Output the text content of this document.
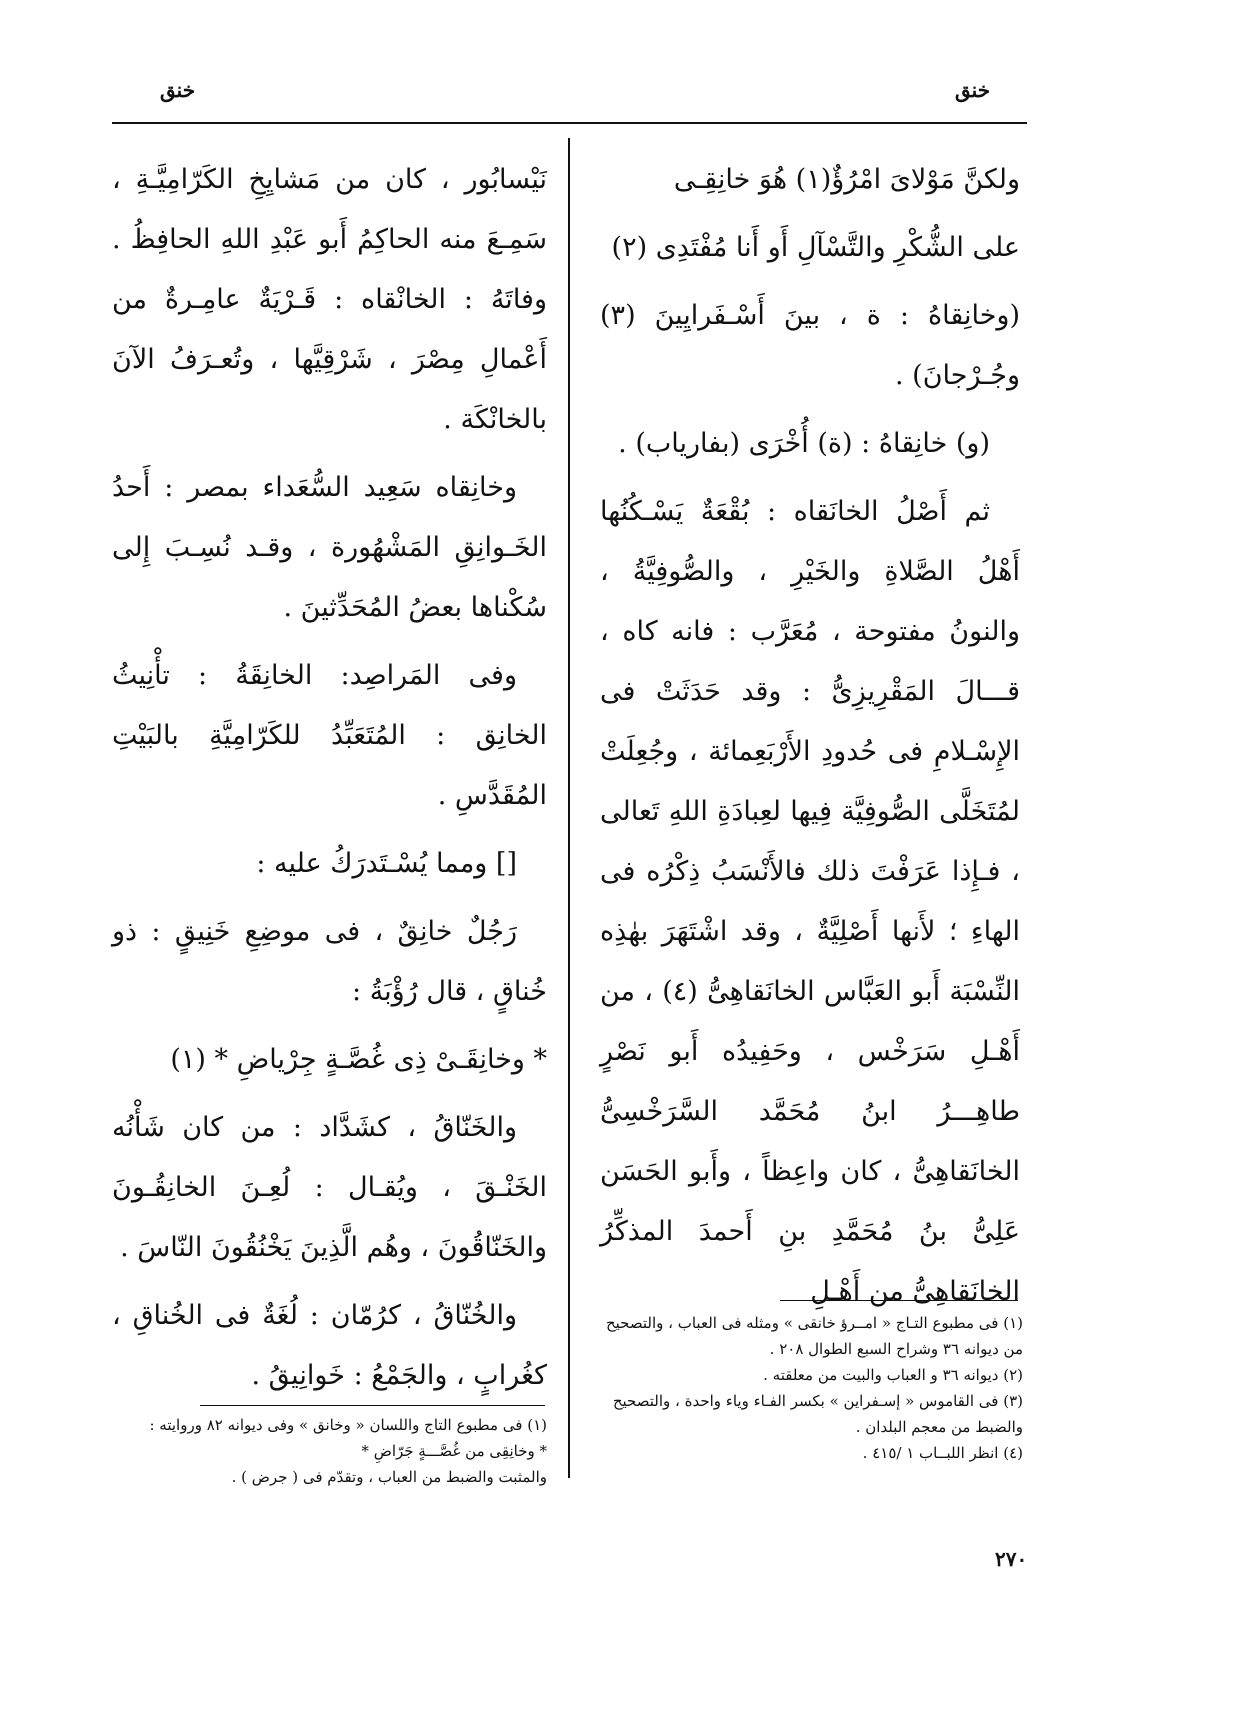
خنق	خنق

ولكنَّ مَوْلاىَ امْرُؤٌ(١) هُوَ خانِقِـى

على الشُّكْرِ والتَّسْآلِ أَو أَنا مُفْتَدِى (٢)

(وخانِقاهُ : ة ، بينَ أَسْـفَرايِينَ (٣) وجُـرْجانَ) .

(و) خانِقاهُ : (ة) أُخْرَى (بفارياب) .

ثم أَصْلُ الخانَقاه : بُقْعَةٌ يَسْـكُنُها أَهْلُ الصَّلاةِ والخَيْرِ ، والصُّوفِيَّةُ ، والنونُ مفتوحة ، مُعَرَّب : فانه كاه ، قـــالَ المَقْرِيزِىُّ : وقد حَدَثَتْ فى الإِسْـلامِ فى حُدودِ الأَرْبَعِمائة ، وجُعِلَتْ لمُتَخَلَّى الصُّوفِيَّة فِيها لعِبادَةِ اللهِ تَعالى ، فـإِذا عَرَفْتَ ذلك فالأَنْسَبُ ذِكْرُه فى الهاءِ ؛ لأَنها أَصْلِيَّةٌ ، وقد اشْتَهَرَ بهٰذِه النِّسْبَة أَبو العَبَّاس الخانَقاهِىُّ (٤) ، من أَهْـلِ سَرَخْس ، وحَفِيدُه أَبو نَصْرٍ طاهِـــرُ ابنُ مُحَمَّد السَّرَخْسِىُّ الخانَقاهِىُّ ، كان واعِظاً ، وأَبو الحَسَن عَلِىُّ بنُ مُحَمَّدِ بنِ أَحمدَ المذكِّرُ الخانَقاهِىُّ من أَهْـلِ

نَيْسابُور ، كان من مَشايِخِ الكَرّامِيَّـةِ ، سَمِـعَ منه الحاكِمُ أَبو عَبْدِ اللهِ الحافِظُ . وفاتَهُ : الخانْقاه : قَـرْيَةٌ عامِـرةٌ من أَعْمالِ مِصْرَ ، شَرْقِيَّها ، وتُعـرَفُ الآنَ بالخانْكَة .

وخانِقاه سَعِيد السُّعَداء بمصر : أَحدُ الخَـوانِقِ المَشْهُورة ، وقـد نُسِـبَ إِلى سُكْناها بعضُ المُحَدِّثينَ .

وفى المَراصِد: الخانِقَةُ : تأْنِيثُ الخانِق : المُتَعَبِّدُ للكَرّامِيَّةِ بالبَيْتِ المُقَدَّسِ .

[] ومما يُسْـتَدرَكُ عليه :

رَجُلٌ خانِقٌ ، فى موضِعِ خَنِيقٍ : ذو خُناقٍ ، قال رُؤْبَةُ :

* وخانِقَـىْ ذِى غُصَّـةٍ جِرْياضِ * (١)

والخَنّاقُ ، كشَدَّاد : من كان شَأْنُه الخَنْـقَ ، ويُقـال : لُعِـنَ الخانِقُـونَ والخَنّاقُونَ ، وهُم الَّذِينَ يَخْنُقُونَ النّاسَ .

والخُنّاقُ ، كرُمّان : لُغَةٌ فى الخُناقِ ، كغُرابٍ ، والجَمْعُ : خَوانِيقُ .

(١) فى مطبوع التـاج « امــرؤ خانقى » ومثله فى العباب ، والتصحيح من ديوانه ٣٦ وشراح السبع الطوال ٢٠٨ .

(٢) ديوانه ٣٦ و العباب والبيت من معلقته .

(٣) فى القاموس « إسـفراين » بكسر الفـاء وياء واحدة ، والتصحيح والضبط من معجم البلدان .

(٤) انظر اللبــاب ١ /٤١٥ .

(١) فى مطبوع التاج واللسان « وخانق » وفى ديوانه ٨٢ وروايته :

* وخانِقِى من غُصَّـــةٍ جَرّاضِ *

والمثبت والضبط من العباب ، وتقدّم فى ( جرض ) .

٢٧٠
